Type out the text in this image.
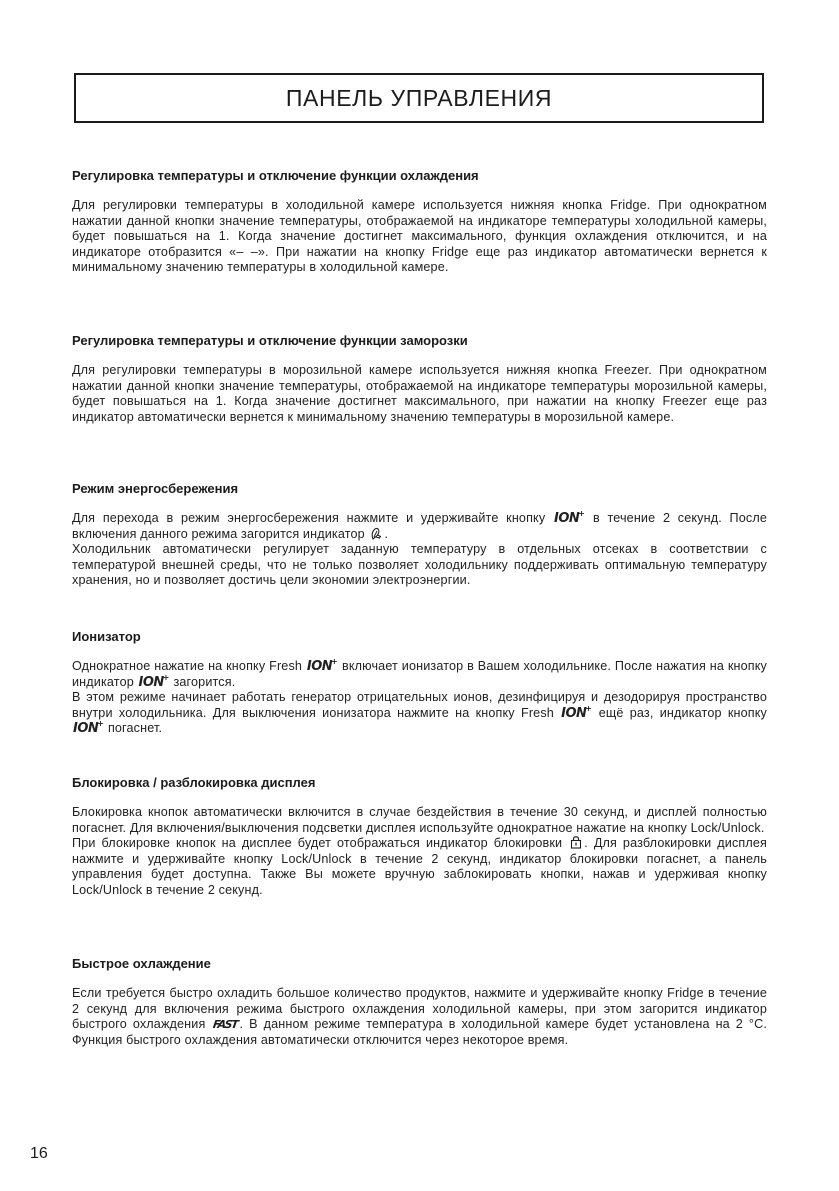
ПАНЕЛЬ УПРАВЛЕНИЯ
Регулировка температуры и отключение функции охлаждения

Для регулировки температуры в холодильной камере используется нижняя кнопка Fridge. При однократном нажатии данной кнопки значение температуры, отображаемой на индикаторе температуры холодильной камеры, будет повышаться на 1. Когда значение достигнет максимального, функция охлаждения отключится, и на индикаторе отобразится «– –». При нажатии на кнопку Fridge еще раз индикатор автоматически вернется к минимальному значению температуры в холодильной камере.

Регулировка температуры и отключение функции заморозки

Для регулировки температуры в морозильной камере используется нижняя кнопка Freezer. При однократном нажатии данной кнопки значение температуры, отображаемой на индикаторе температуры морозильной камеры, будет повышаться на 1. Когда значение достигнет максимального, при нажатии на кнопку Freezer еще раз индикатор автоматически вернется к минимальному значению температуры в морозильной камере.

Режим энергосбережения

Для перехода в режим энергосбережения нажмите и удерживайте кнопку ION
+ в течение 2 секунд. После включения данного режима загорится индикатор .
Холодильник автоматически регулирует заданную температуру в отдельных отсеках в соответствии с температурой внешней среды, что не только позволяет холодильнику поддерживать оптимальную температуру хранения, но и позволяет достичь цели экономии электроэнергии.

Ионизатор

Однократное нажатие на кнопку Fresh ION
+ включает ионизатор в Вашем холодильнике. После нажатия на кнопку индикатор ION
+ загорится.
В этом режиме начинает работать генератор отрицательных ионов, дезинфицируя и дезодорируя пространство внутри холодильника. Для выключения ионизатора нажмите на кнопку Fresh ION
+ ещё раз, индикатор кнопку ION
+ погаснет.

Блокировка / разблокировка дисплея

Блокировка кнопок автоматически включится в случае бездействия в течение 30 секунд, и дисплей полностью погаснет. Для включения/выключения подсветки дисплея используйте однократное нажатие на кнопку Lock/Unlock.
При блокировке кнопок на дисплее будет отображаться индикатор блокировки . Для разблокировки дисплея нажмите и удерживайте кнопку Lock/Unlock в течение 2 секунд, индикатор блокировки погаснет, а панель управления будет доступна. Также Вы можете вручную заблокировать кнопки, нажав и удерживая кнопку Lock/Unlock в течение 2 секунд.

Быстрое охлаждение

Если требуется быстро охладить большое количество продуктов, нажмите и удерживайте кнопку Fridge в течение 2 секунд для включения режима быстрого охлаждения холодильной камеры, при этом загорится индикатор быстрого охлаждения FAST. В данном режиме температура в холодильной камере будет установлена на 2 °C. Функция быстрого охлаждения автоматически отключится через некоторое время.

16
